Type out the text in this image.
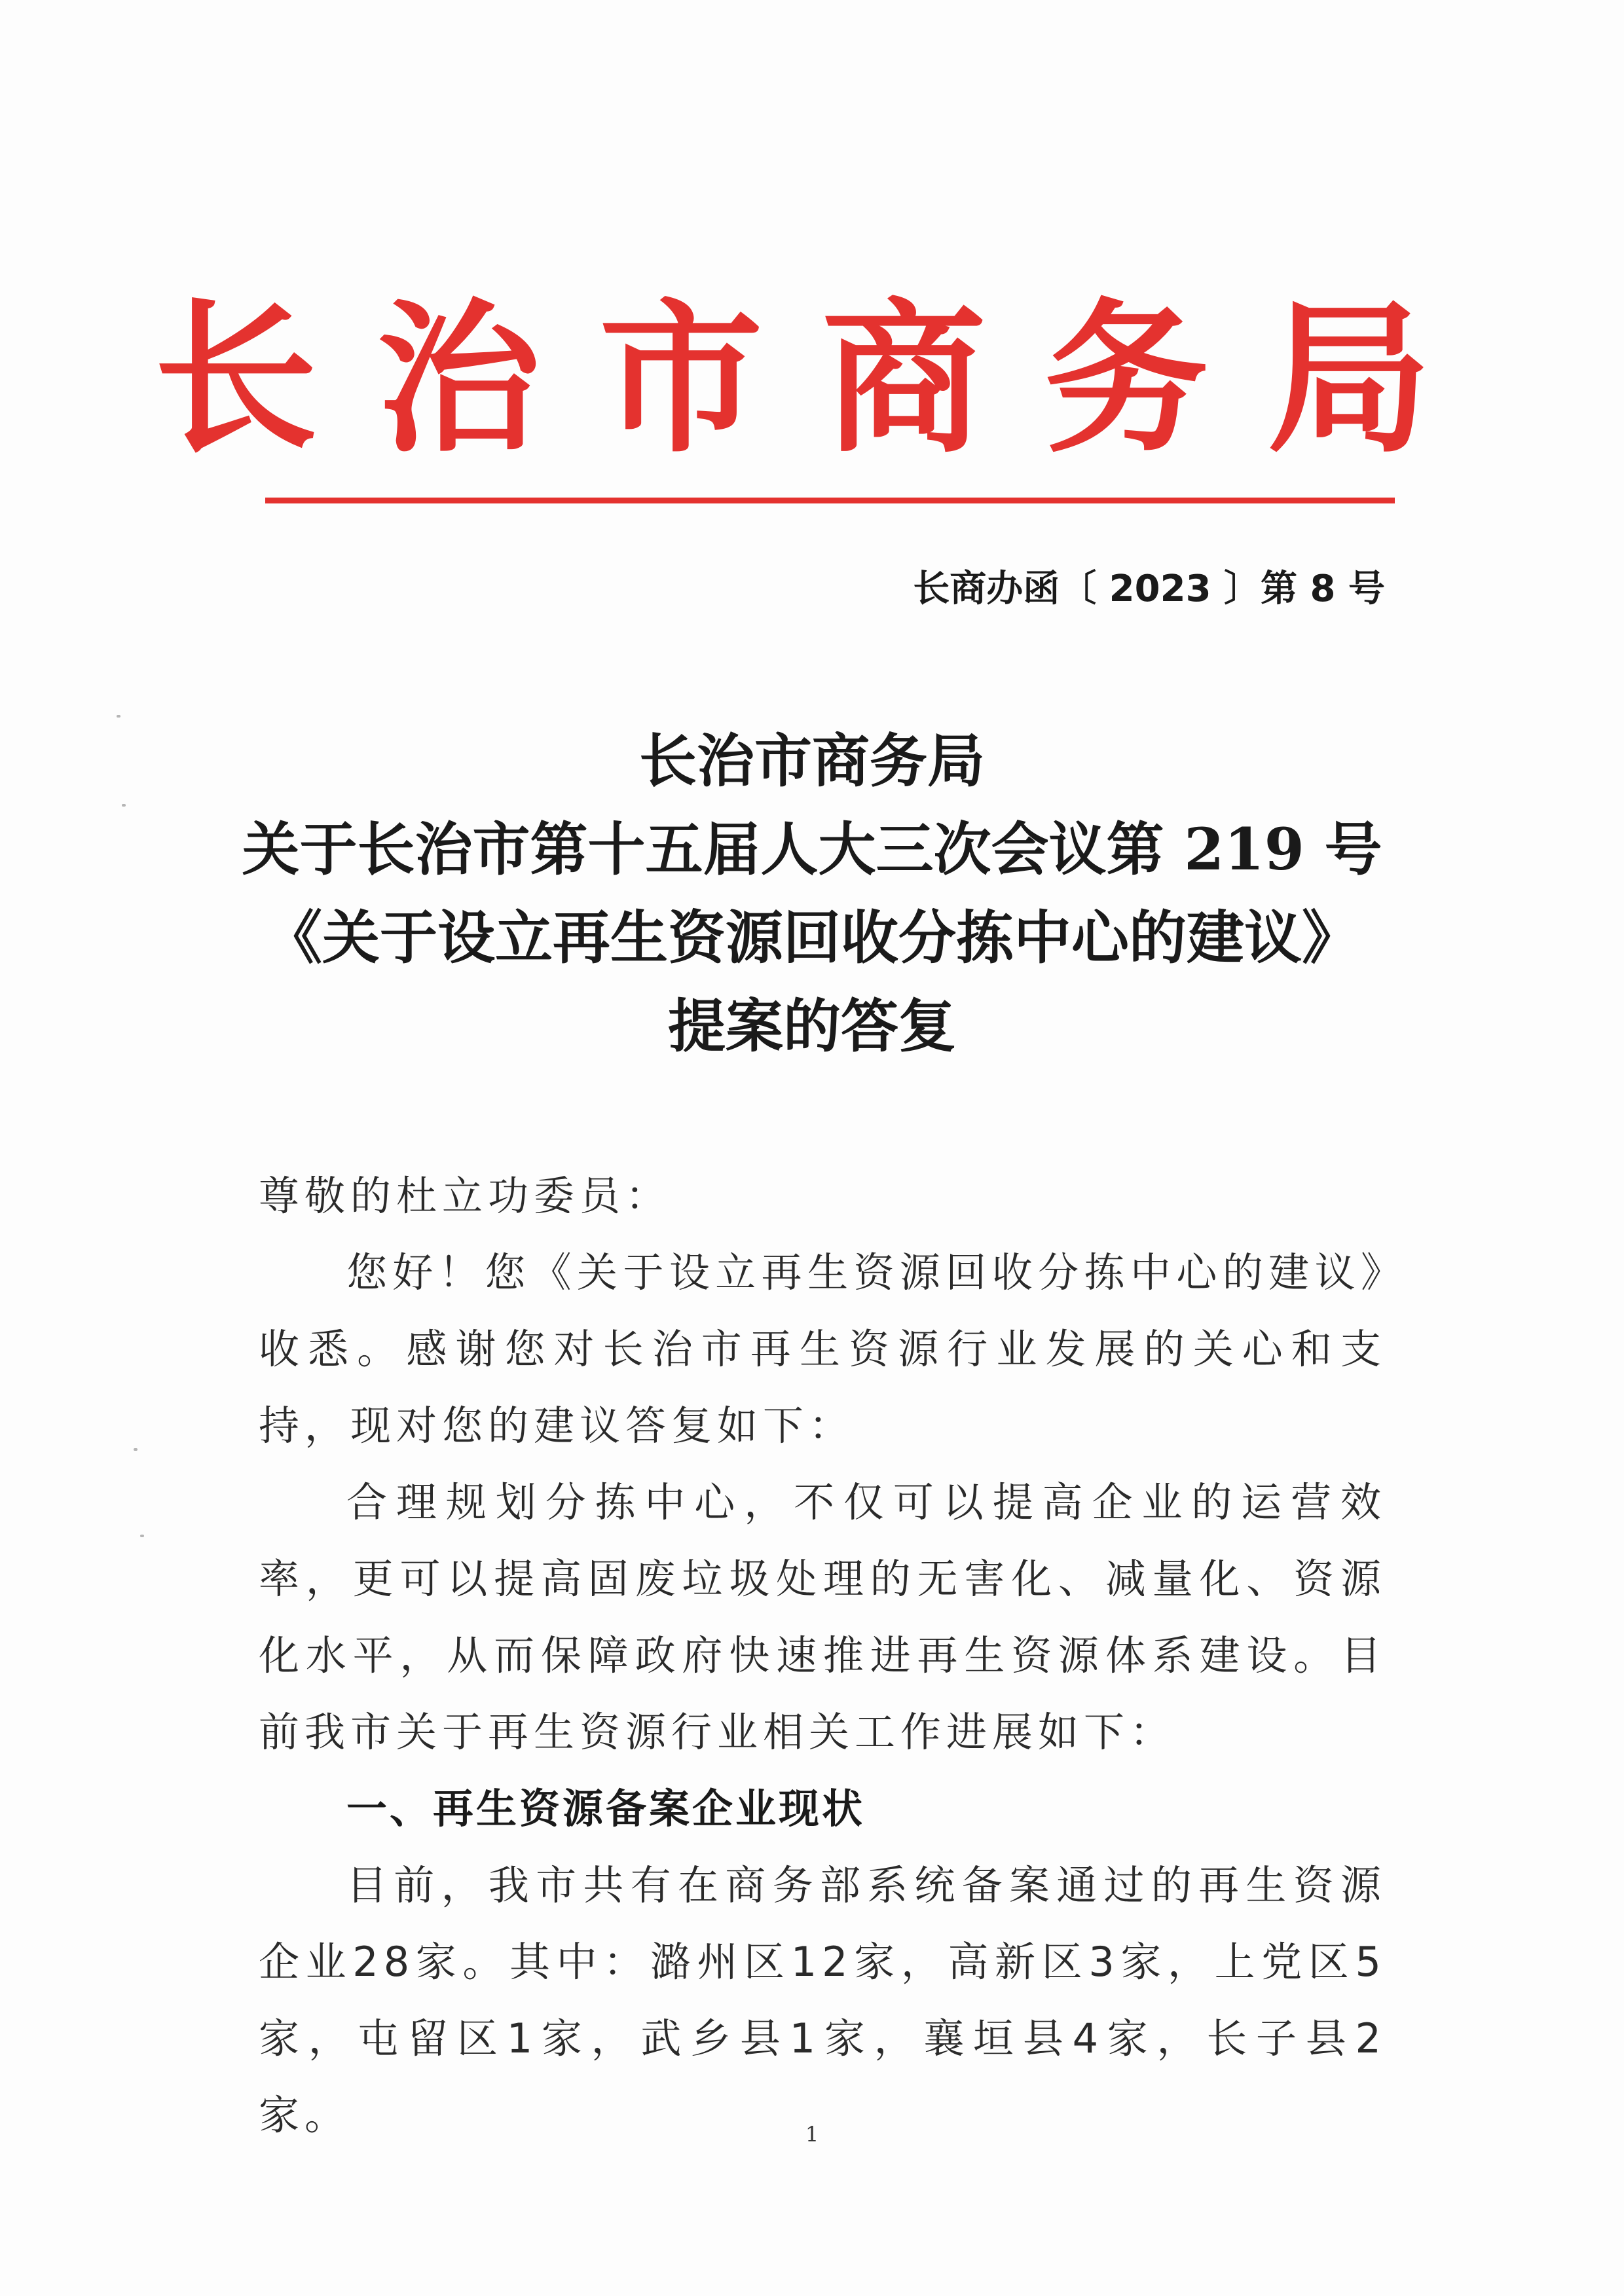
长治市商务局
长商办函〔 2023 〕第 8 号
长治市商务局
关于长治市第十五届人大三次会议第 219 号
《关于设立再生资源回收分拣中心的建议》
提案的答复

尊敬的杜立功委员：

您好！您《关于设立再生资源回收分拣中心的建议》收悉。感谢您对长治市再生资源行业发展的关心和支持，现对您的建议答复如下：

合理规划分拣中心，不仅可以提高企业的运营效率，更可以提高固废垃圾处理的无害化、减量化、资源化水平，从而保障政府快速推进再生资源体系建设。目前我市关于再生资源行业相关工作进展如下：

一、再生资源备案企业现状

目前，我市共有在商务部系统备案通过的再生资源企业28家。其中：潞州区12家，高新区3家，上党区5家，屯留区1家，武乡县1家，襄垣县4家，长子县2家。	1
